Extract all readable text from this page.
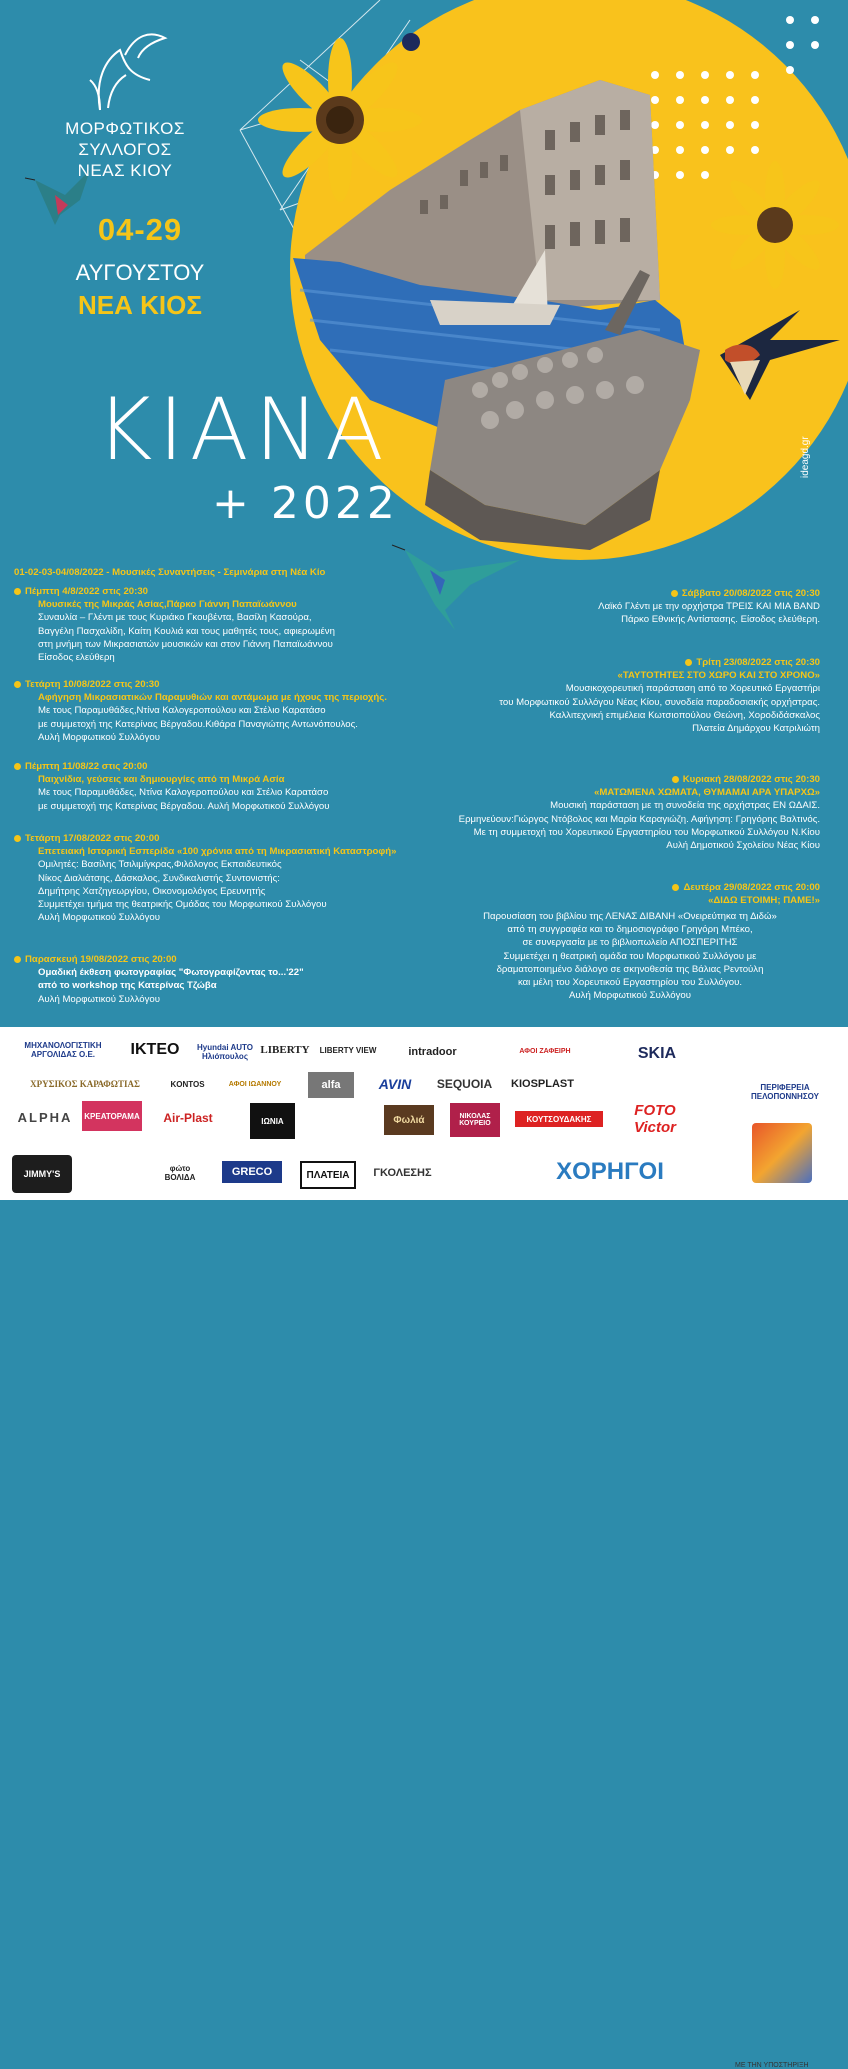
ΜΟΡΦΩΤΙΚΟΣ ΣΥΛΛΟΓΟΣ
ΝΕΑΣ ΚΙΟΥ
04-29
ΑΥΓΟΥΣΤΟΥ
ΝΕΑ ΚΙΟΣ
ΚΙΑΝΑ
+ 2022
ideagd.gr
01-02-03-04/08/2022 - Μουσικές Συναντήσεις - Σεμινάρια στη Νέα Κίο
Πέμπτη 4/8/2022 στις 20:30
Μουσικές της Μικράς Ασίας,Πάρκο Γιάννη Παπαϊωάννου
Συναυλία – Γλέντι με τους Κυριάκο Γκουβέντα, Βασίλη Κασούρα,
Βαγγέλη Πασχαλίδη, Καίτη Κουλιά και τους μαθητές τους, αφιερωμένη
στη μνήμη των Μικρασιατών μουσικών και στον Γιάννη Παπαϊωάννου
Είσοδος ελεύθερη
Τετάρτη 10/08/2022 στις 20:30
Αφήγηση Μικρασιατικών Παραμυθιών και αντάμωμα με ήχους της περιοχής.
Με τους Παραμυθάδες,Ντίνα Καλογεροπούλου και Στέλιο Καρατάσο
με συμμετοχή της Κατερίνας Βέργαδου.Κιθάρα Παναγιώτης Αντωνόπουλος.
Αυλή Μορφωτικού Συλλόγου
Πέμπτη 11/08/22 στις 20:00
Παιχνίδια, γεύσεις και δημιουργίες από τη Μικρά Ασία
Με τους Παραμυθάδες, Ντίνα Καλογεροπούλου και Στέλιο Καρατάσο
με συμμετοχή της Κατερίνας Βέργαδου. Αυλή Μορφωτικού Συλλόγου
Τετάρτη 17/08/2022 στις 20:00
Επετειακή Ιστορική Εσπερίδα «100 χρόνια από τη Μικρασιατική Καταστροφή»
Ομιλητές: Βασίλης Τσιλιμίγκρας,Φιλόλογος Εκπαιδευτικός
Νίκος Διαλιάτσης, Δάσκαλος, Συνδικαλιστής Συντονιστής:
Δημήτρης Χατζηγεωργίου, Οικονομολόγος Ερευνητής
Συμμετέχει τμήμα της θεατρικής Ομάδας του Μορφωτικού Συλλόγου
Αυλή Μορφωτικού Συλλόγου
Παρασκευή 19/08/2022 στις 20:00
Ομαδική έκθεση φωτογραφίας "Φωτογραφίζοντας το...'22"
από το workshop της Κατερίνας Τζώβα
Αυλή Μορφωτικού Συλλόγου
Σάββατο 20/08/2022 στις 20:30
Λαϊκό Γλέντι με την ορχήστρα ΤΡΕΙΣ ΚΑΙ ΜΙΑ BAND
Πάρκο Εθνικής Αντίστασης. Είσοδος ελεύθερη.
Τρίτη 23/08/2022 στις 20:30
«ΤΑΥΤΟΤΗΤΕΣ ΣΤΟ ΧΩΡΟ ΚΑΙ ΣΤΟ ΧΡΟΝΟ»
Μουσικοχορευτική παράσταση από το Χορευτικό Εργαστήρι
του Μορφωτικού Συλλόγου Νέας Κίου, συνοδεία παραδοσιακής ορχήστρας.
Καλλιτεχνική επιμέλεια Κωτσιοπούλου Θεώνη, Χοροδιδάσκαλος
Πλατεία Δημάρχου Κατριλιώτη
Κυριακή 28/08/2022 στις 20:30
«ΜΑΤΩΜΕΝΑ ΧΩΜΑΤΑ, ΘΥΜΑΜΑΙ ΑΡΑ ΥΠΑΡΧΩ»
Μουσική παράσταση με τη συνοδεία της ορχήστρας ΕΝ ΩΔΑΙΣ.
Ερμηνεύουν:Γιώργος Ντόβολος και Μαρία Καραγιώζη. Αφήγηση: Γρηγόρης Βαλτινός.
Με τη συμμετοχή του Χορευτικού Εργαστηρίου του Μορφωτικού Συλλόγου Ν.Κίου
Αυλή Δημοτικού Σχολείου Νέας Κίου
Δευτέρα 29/08/2022 στις 20:00
«ΔΙΔΩ ΕΤΟΙΜΗ; ΠΑΜΕ!»
Παρουσίαση του βιβλίου της ΛΕΝΑΣ ΔΙΒΑΝΗ «Ονειρεύτηκα τη Διδώ»
από τη συγγραφέα και το δημοσιογράφο Γρηγόρη Μπέκο,
σε συνεργασία με το βιβλιοπωλείο ΑΠΟΣΠΕΡΙΤΗΣ
Συμμετέχει η θεατρική ομάδα του Μορφωτικού Συλλόγου με
δραματοποιημένο διάλογο σε σκηνοθεσία της Βάλιας Ρεντούλη
και μέλη του Χορευτικού Εργαστηρίου του Συλλόγου.
Αυλή Μορφωτικού Συλλόγου
ΜΗΧΑΝΟΛΟΓΙΣΤΙΚΗ ΑΡΓΟΛΙΔΑΣ Ο.Ε.	ΙΚΤΕΟ	Hyundai AUTO Ηλιόπουλος
LIBERTY	LIBERTY VIEW	intradoor	ΑΦΟΙ ΖΑΦΕΙΡΗ	SKIA
ΧΡΥΣΙΚΟΣ ΚΑΡΑΦΩΤΙΑΣ	KONTOS	ΑΦΟΙ ΙΩΑΝΝΟΥ	alfa	AVIN	SEQUOIA	KIOSPLAST
ALPHA	ΚΡΕΑΤΟΡΑΜΑ	Air-Plast	ΙΩΝΙΑ	Φωλιά	ΝΙΚΟΛΑΣ ΚΟΥΡΕΙΟ	ΚΟΥΤΣΟΥΔΑΚΗΣ	FOTO Victor
JIMMY'S
φώτο ΒΟΛΙΔΑ	GRECO	ΠΛΑΤΕΙΑ	ΓΚΟΛΕΣΗΣ	ΧΟΡΗΓΟΙ
ΜΕ ΤΗΝ ΥΠΟΣΤΗΡΙΞΗ
ΠΕΡΙΦΕΡΕΙΑ ΠΕΛΟΠΟΝΝΗΣΟΥ
